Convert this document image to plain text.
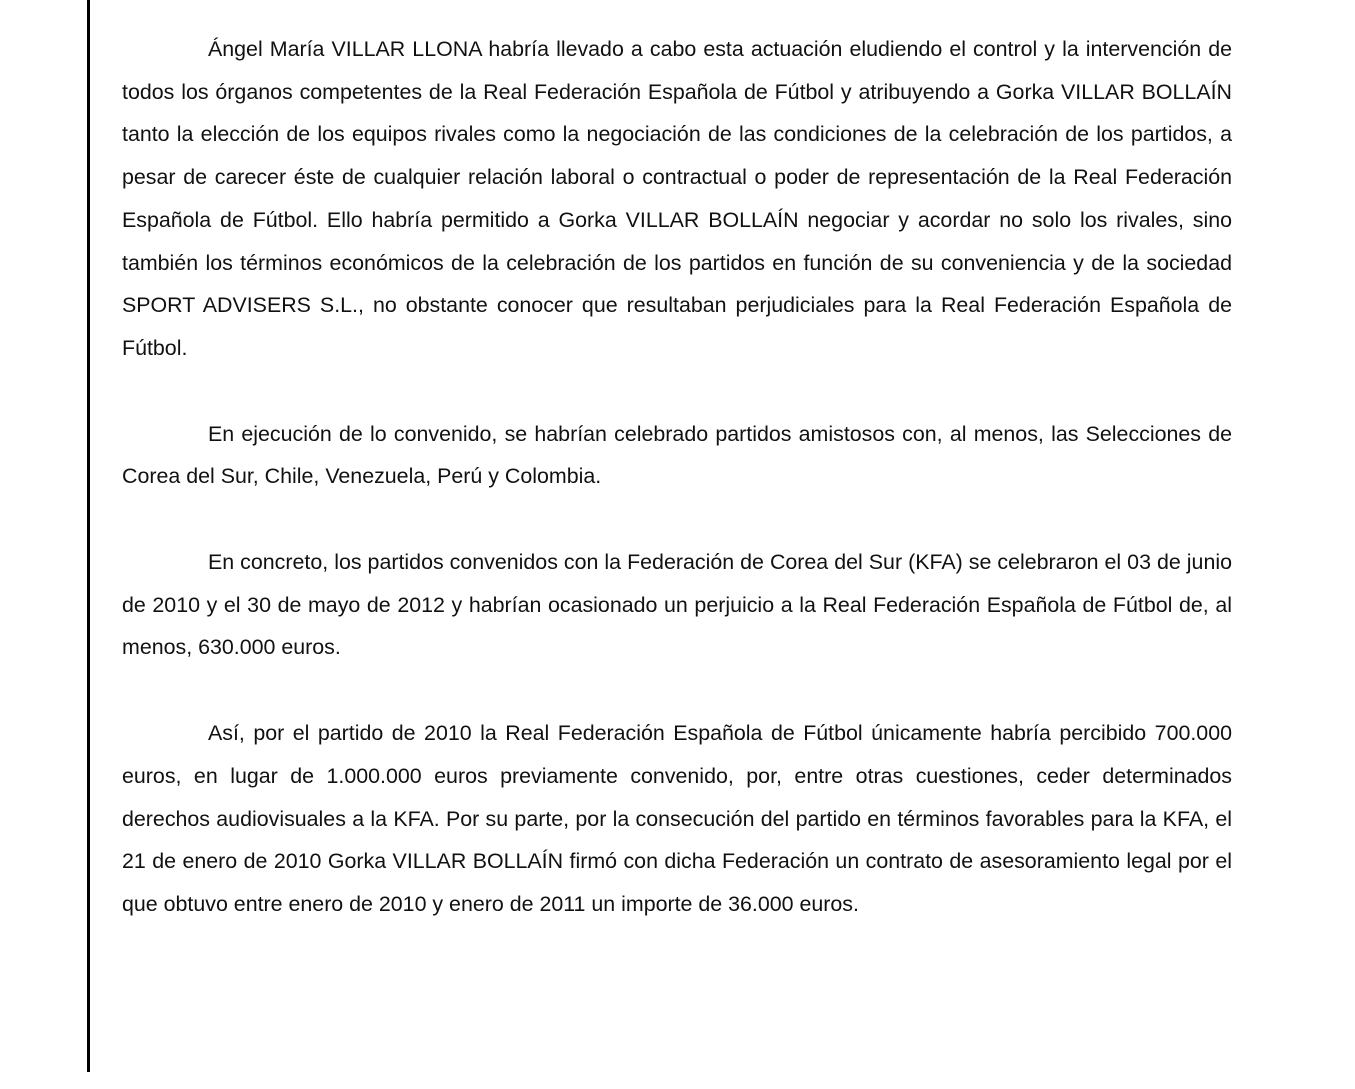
Ángel María VILLAR LLONA habría llevado a cabo esta actuación eludiendo el control y la intervención de todos los órganos competentes de la Real Federación Española de Fútbol y atribuyendo a Gorka VILLAR BOLLAÍN tanto la elección de los equipos rivales como la negociación de las condiciones de la celebración de los partidos, a pesar de carecer éste de cualquier relación laboral o contractual o poder de representación de la Real Federación Española de Fútbol. Ello habría permitido a Gorka VILLAR BOLLAÍN negociar y acordar no solo los rivales, sino también los términos económicos de la celebración de los partidos en función de su conveniencia y de la sociedad SPORT ADVISERS S.L., no obstante conocer que resultaban perjudiciales para la Real Federación Española de Fútbol.

En ejecución de lo convenido, se habrían celebrado partidos amistosos con, al menos, las Selecciones de Corea del Sur, Chile, Venezuela, Perú y Colombia.

En concreto, los partidos convenidos con la Federación de Corea del Sur (KFA) se celebraron el 03 de junio de 2010 y el 30 de mayo de 2012 y habrían ocasionado un perjuicio a la Real Federación Española de Fútbol de, al menos, 630.000 euros.

Así, por el partido de 2010 la Real Federación Española de Fútbol únicamente habría percibido 700.000 euros, en lugar de 1.000.000 euros previamente convenido, por, entre otras cuestiones, ceder determinados derechos audiovisuales a la KFA. Por su parte, por la consecución del partido en términos favorables para la KFA, el 21 de enero de 2010 Gorka VILLAR BOLLAÍN firmó con dicha Federación un contrato de asesoramiento legal por el que obtuvo entre enero de 2010 y enero de 2011 un importe de 36.000 euros.
